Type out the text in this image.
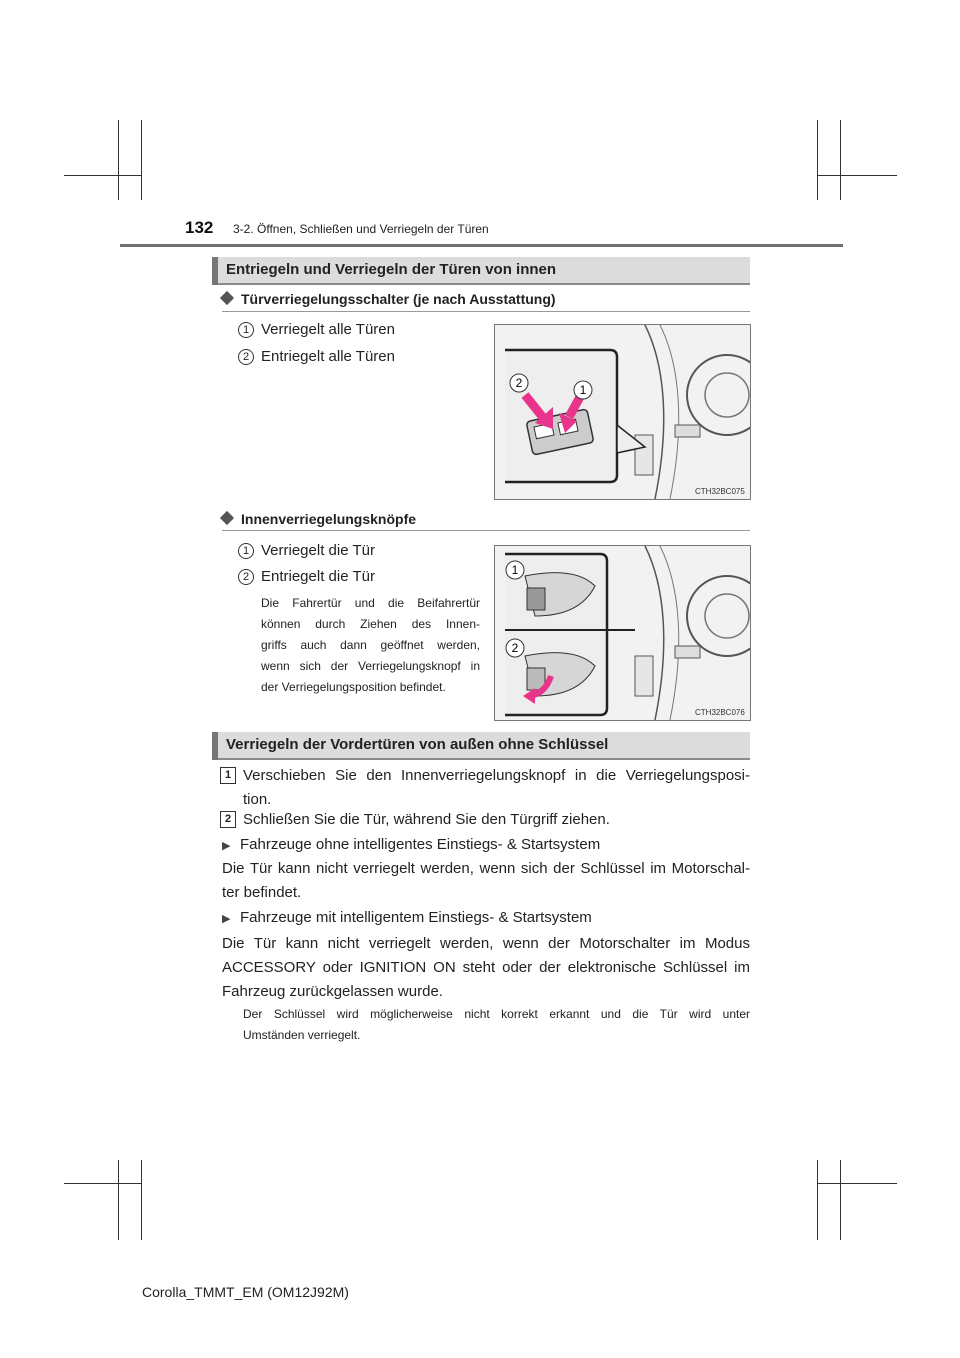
132 3-2. Öffnen, Schließen und Verriegeln der Türen
Entriegeln und Verriegeln der Türen von innen
Türverriegelungsschalter (je nach Ausstattung)
1 Verriegelt alle Türen
2 Entriegelt alle Türen
2	1
CTH32BC075
Innenverriegelungsknöpfe
1 Verriegelt die Tür
2 Entriegelt die Tür
Die Fahrertür und die Beifahrertür
können durch Ziehen des Innen-
griffs auch dann geöffnet werden,
wenn sich der Verriegelungsknopf in
der Verriegelungsposition befindet.
1
2
CTH32BC076
Verriegeln der Vordertüren von außen ohne Schlüssel
1 Verschieben Sie den Innenverriegelungsknopf in die Verriegelungsposi-
tion.
2 Schließen Sie die Tür, während Sie den Türgriff ziehen.
▶ Fahrzeuge ohne intelligentes Einstiegs- & Startsystem
Die Tür kann nicht verriegelt werden, wenn sich der Schlüssel im Motorschal-
ter befindet.
▶ Fahrzeuge mit intelligentem Einstiegs- & Startsystem
Die Tür kann nicht verriegelt werden, wenn der Motorschalter im Modus
ACCESSORY oder IGNITION ON steht oder der elektronische Schlüssel im
Fahrzeug zurückgelassen wurde.
Der Schlüssel wird möglicherweise nicht korrekt erkannt und die Tür wird unter
Umständen verriegelt.
Corolla_TMMT_EM (OM12J92M)
